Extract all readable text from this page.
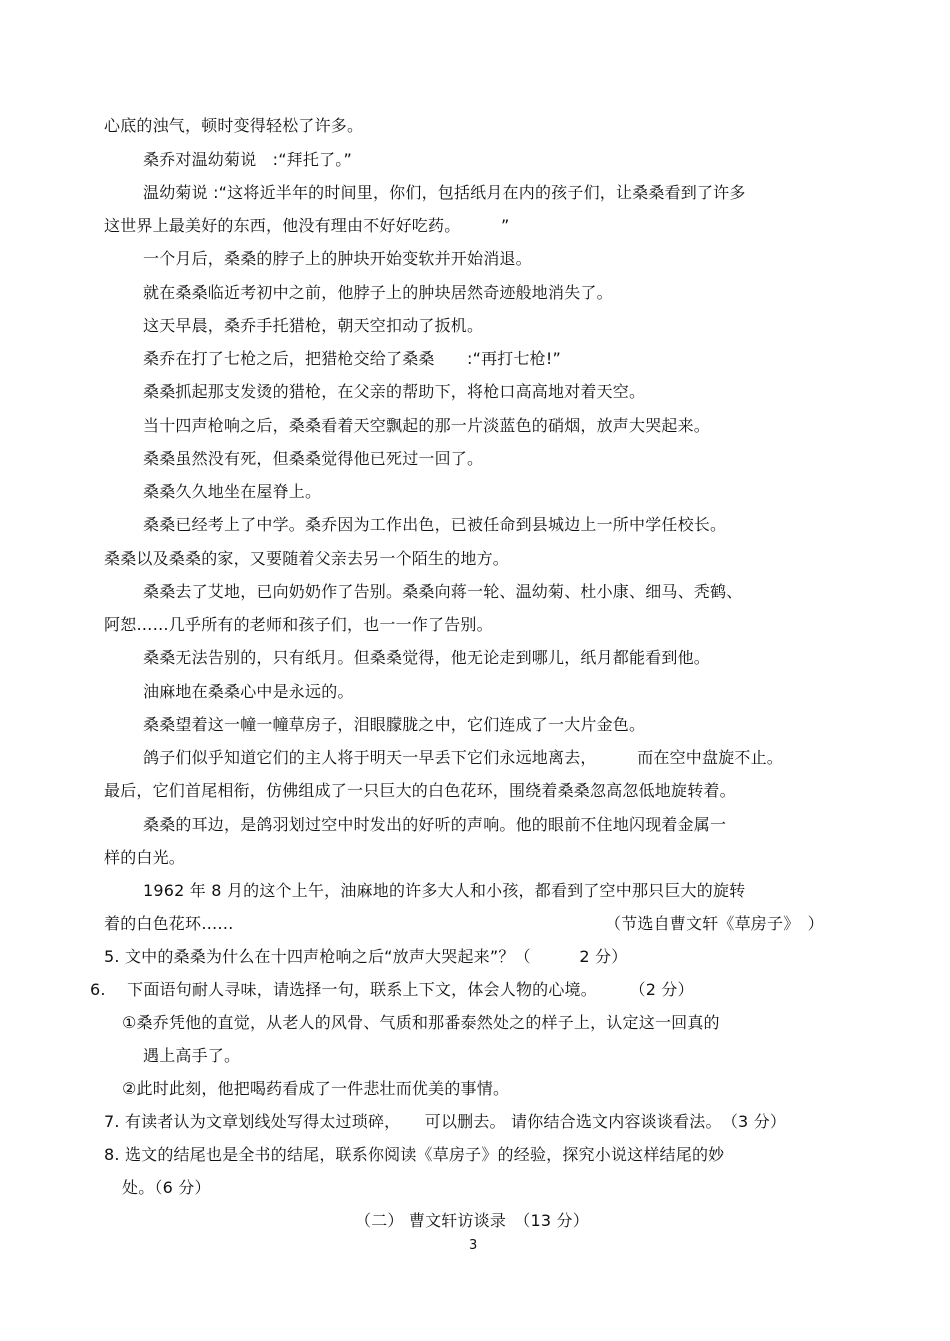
心底的浊气，顿时变得轻松了许多。
桑乔对温幼菊说　:“拜托了。”
温幼菊说 :“这将近半年的时间里，你们，包括纸月在内的孩子们，让桑桑看到了许多
这世界上最美好的东西，他没有理由不好好吃药。　　　”
一个月后，桑桑的脖子上的肿块开始变软并开始消退。
就在桑桑临近考初中之前，他脖子上的肿块居然奇迹般地消失了。
这天早晨，桑乔手托猎枪，朝天空扣动了扳机。
桑乔在打了七枪之后，把猎枪交给了桑桑　　:“再打七枪!”
桑桑抓起那支发烫的猎枪，在父亲的帮助下，将枪口高高地对着天空。
当十四声枪响之后，桑桑看着天空飘起的那一片淡蓝色的硝烟，放声大哭起来。
桑桑虽然没有死，但桑桑觉得他已死过一回了。
桑桑久久地坐在屋脊上。
桑桑已经考上了中学。桑乔因为工作出色，已被任命到县城边上一所中学任校长。
桑桑以及桑桑的家，又要随着父亲去另一个陌生的地方。
桑桑去了艾地，已向奶奶作了告别。桑桑向蒋一轮、温幼菊、杜小康、细马、秃鹤、
阿恕……几乎所有的老师和孩子们，也一一作了告别。
桑桑无法告别的，只有纸月。但桑桑觉得，他无论走到哪儿，纸月都能看到他。
油麻地在桑桑心中是永远的。
桑桑望着这一幢一幢草房子，泪眼朦胧之中，它们连成了一大片金色。
鸽子们似乎知道它们的主人将于明天一早丢下它们永远地离去，　　　而在空中盘旋不止。
最后，它们首尾相衔，仿佛组成了一只巨大的白色花环，围绕着桑桑忽高忽低地旋转着。
桑桑的耳边，是鸽羽划过空中时发出的好听的声响。他的眼前不住地闪现着金属一
样的白光。
1962 年 8 月的这个上午，油麻地的许多大人和小孩，都看到了空中那只巨大的旋转
着的白色花环……	（节选自曹文轩《草房子》　）
5. 文中的桑桑为什么在十四声枪响之后“放声大哭起来”？（　　　2 分）
6.　 下面语句耐人寻味，请选择一句，联系上下文，体会人物的心境。　　　（2 分）
①桑乔凭他的直觉，从老人的风骨、气质和那番泰然处之的样子上，认定这一回真的
遇上高手了。
②此时此刻，他把喝药看成了一件悲壮而优美的事情。
7. 有读者认为文章划线处写得太过琐碎，　　可以删去。 请你结合选文内容谈谈看法。　（3 分）
8. 选文的结尾也是全书的结尾，联系你阅读《草房子》的经验，探究小说这样结尾的妙
处。（6 分）
（二） 曹文轩访谈录　（13 分）
3
